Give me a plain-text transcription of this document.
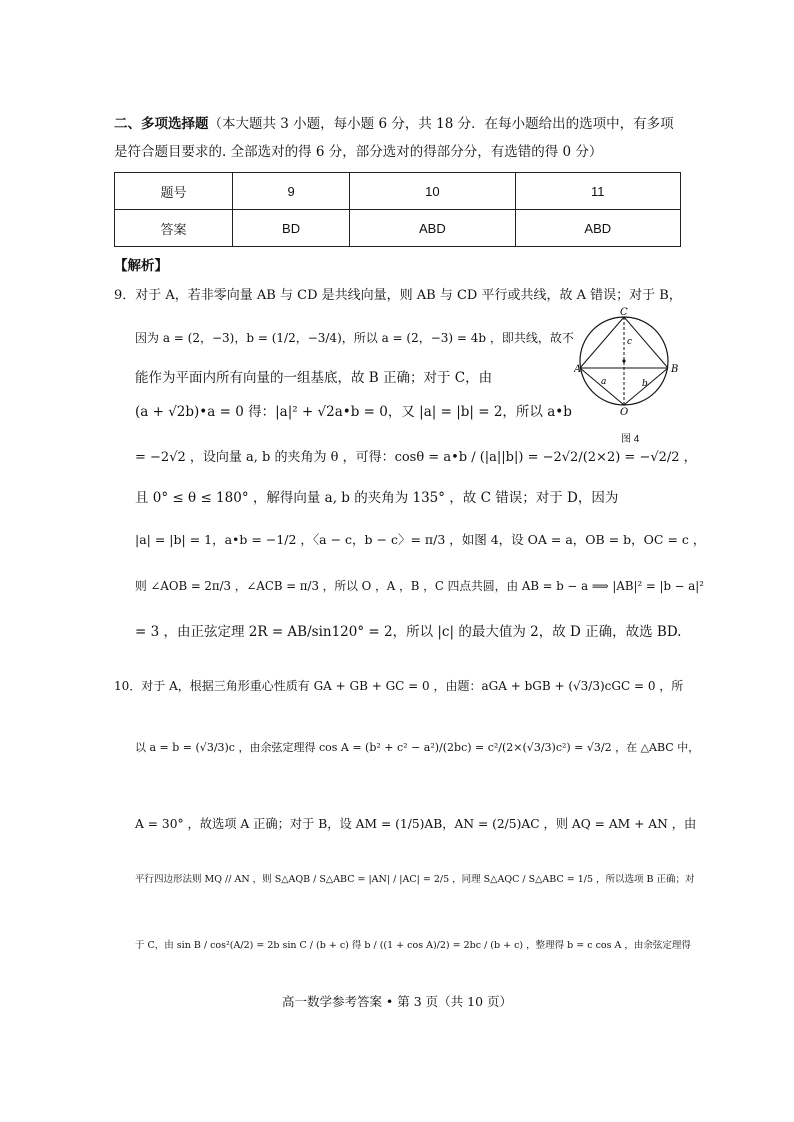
二、多项选择题（本大题共 3 小题，每小题 6 分，共 18 分．在每小题给出的选项中，有多项
是符合题目要求的. 全部选对的得 6 分，部分选对的得部分分，有选错的得 0 分）
题号	9	10	11
答案	BD	ABD	ABD
【解析】
9．对于 A，若非零向量 AB 与 CD 是共线向量，则 AB 与 CD 平行或共线，故 A 错误；对于 B，
因为 a = (2，−3)，b = (1/2，−3/4)，所以 a = (2，−3) = 4b ，即共线，故不
能作为平面内所有向量的一组基底，故 B 正确；对于 C，由
(a + √2b)•a = 0 得：|a|² + √2a•b = 0，又 |a| = |b| = 2，所以 a•b
= −2√2 ，设向量 a, b 的夹角为 θ ，可得：cosθ = a•b / (|a||b|) = −2√2/(2×2) = −√2/2 ，
且 0° ≤ θ ≤ 180° ，解得向量 a, b 的夹角为 135° ，故 C 错误；对于 D，因为
|a| = |b| = 1，a•b = −1/2 ，〈a − c，b − c〉= π/3 ，如图 4，设 OA = a，OB = b，OC = c ，
则 ∠AOB = 2π/3 ，∠ACB = π/3 ，所以 O ，A ，B ，C 四点共圆，由 AB = b − a ⟹ |AB|² = |b − a|²
= 3 ，由正弦定理 2R = AB/sin120° = 2，所以 |c| 的最大值为 2，故 D 正确，故选 BD.
C
A	B
O
a	b
c
图 4
10．对于 A，根据三角形重心性质有 GA + GB + GC = 0 ，由题：aGA + bGB + (√3/3)cGC = 0 ，所
以 a = b = (√3/3)c ，由余弦定理得 cos A = (b² + c² − a²)/(2bc) = c²/(2×(√3/3)c²) = √3/2 ，在 △ABC 中，
A = 30° ，故选项 A 正确；对于 B，设 AM = (1/5)AB，AN = (2/5)AC ，则 AQ = AM + AN ，由
平行四边形法则 MQ // AN ，则 S△AQB / S△ABC = |AN| / |AC| = 2/5 ，同理 S△AQC / S△ABC = 1/5 ，所以选项 B 正确；对
于 C，由 sin B / cos²(A/2) = 2b sin C / (b + c) 得 b / ((1 + cos A)/2) = 2bc / (b + c) ，整理得 b = c cos A ，由余弦定理得
高一数学参考答案 • 第 3 页（共 10 页）
